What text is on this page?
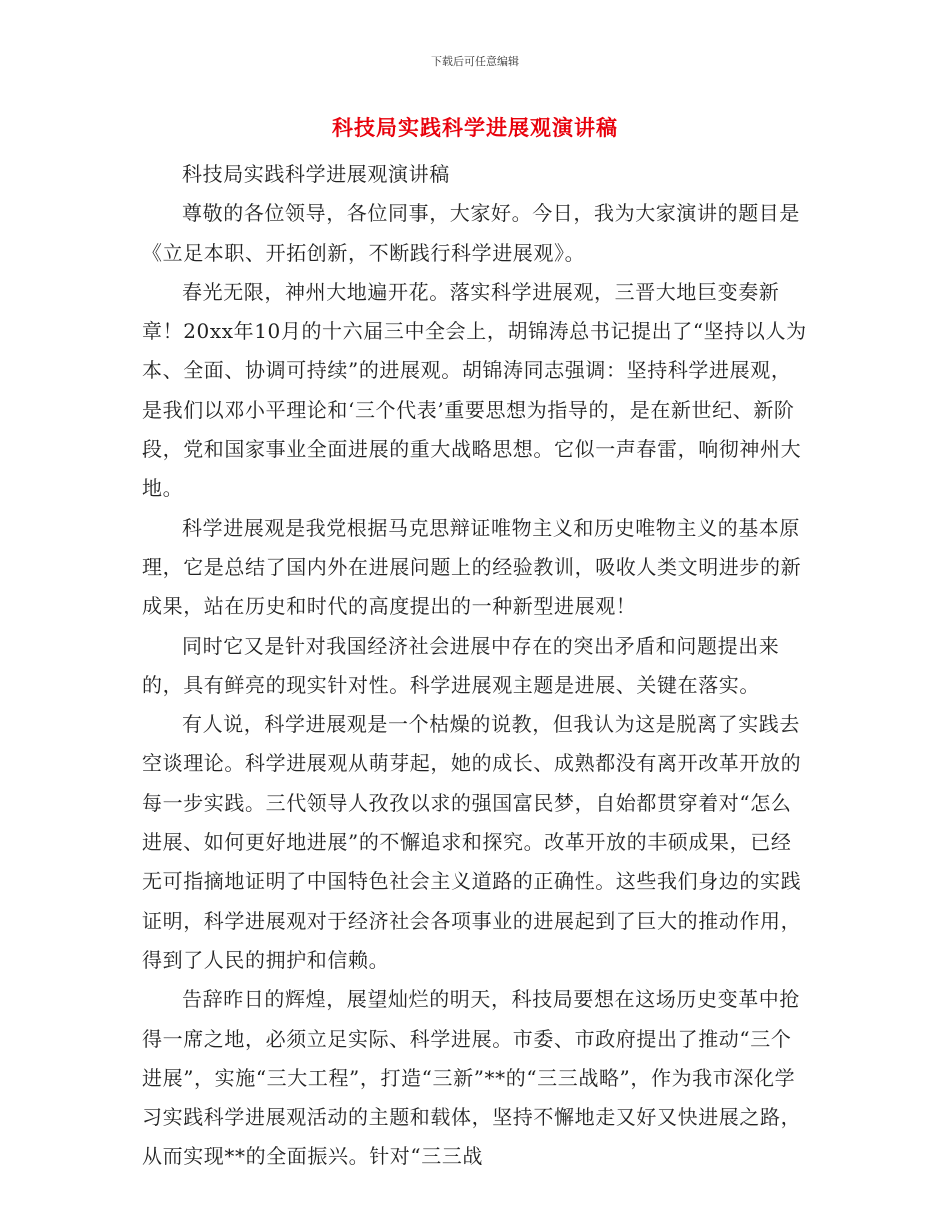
下载后可任意编辑
科技局实践科学进展观演讲稿

科技局实践科学进展观演讲稿

尊敬的各位领导，各位同事，大家好。今日，我为大家演讲的题目是《立足本职、开拓创新，不断践行科学进展观》。

春光无限，神州大地遍开花。落实科学进展观，三晋大地巨变奏新章！20xx年10月的十六届三中全会上，胡锦涛总书记提出了“坚持以人为本、全面、协调可持续”的进展观。胡锦涛同志强调：坚持科学进展观，是我们以邓小平理论和‘三个代表’重要思想为指导的，是在新世纪、新阶段，党和国家事业全面进展的重大战略思想。它似一声春雷，响彻神州大地。

科学进展观是我党根据马克思辩证唯物主义和历史唯物主义的基本原理，它是总结了国内外在进展问题上的经验教训，吸收人类文明进步的新成果，站在历史和时代的高度提出的一种新型进展观！

同时它又是针对我国经济社会进展中存在的突出矛盾和问题提出来的，具有鲜亮的现实针对性。科学进展观主题是进展、关键在落实。

有人说，科学进展观是一个枯燥的说教，但我认为这是脱离了实践去空谈理论。科学进展观从萌芽起，她的成长、成熟都没有离开改革开放的每一步实践。三代领导人孜孜以求的强国富民梦，自始都贯穿着对“怎么进展、如何更好地进展”的不懈追求和探究。改革开放的丰硕成果，已经无可指摘地证明了中国特色社会主义道路的正确性。这些我们身边的实践证明，科学进展观对于经济社会各项事业的进展起到了巨大的推动作用，得到了人民的拥护和信赖。

告辞昨日的辉煌，展望灿烂的明天，科技局要想在这场历史变革中抢得一席之地，必须立足实际、科学进展。市委、市政府提出了推动“三个进展”，实施“三大工程”，打造“三新”**的“三三战略”，作为我市深化学习实践科学进展观活动的主题和载体，坚持不懈地走又好又快进展之路，从而实现**的全面振兴。针对“三三战
